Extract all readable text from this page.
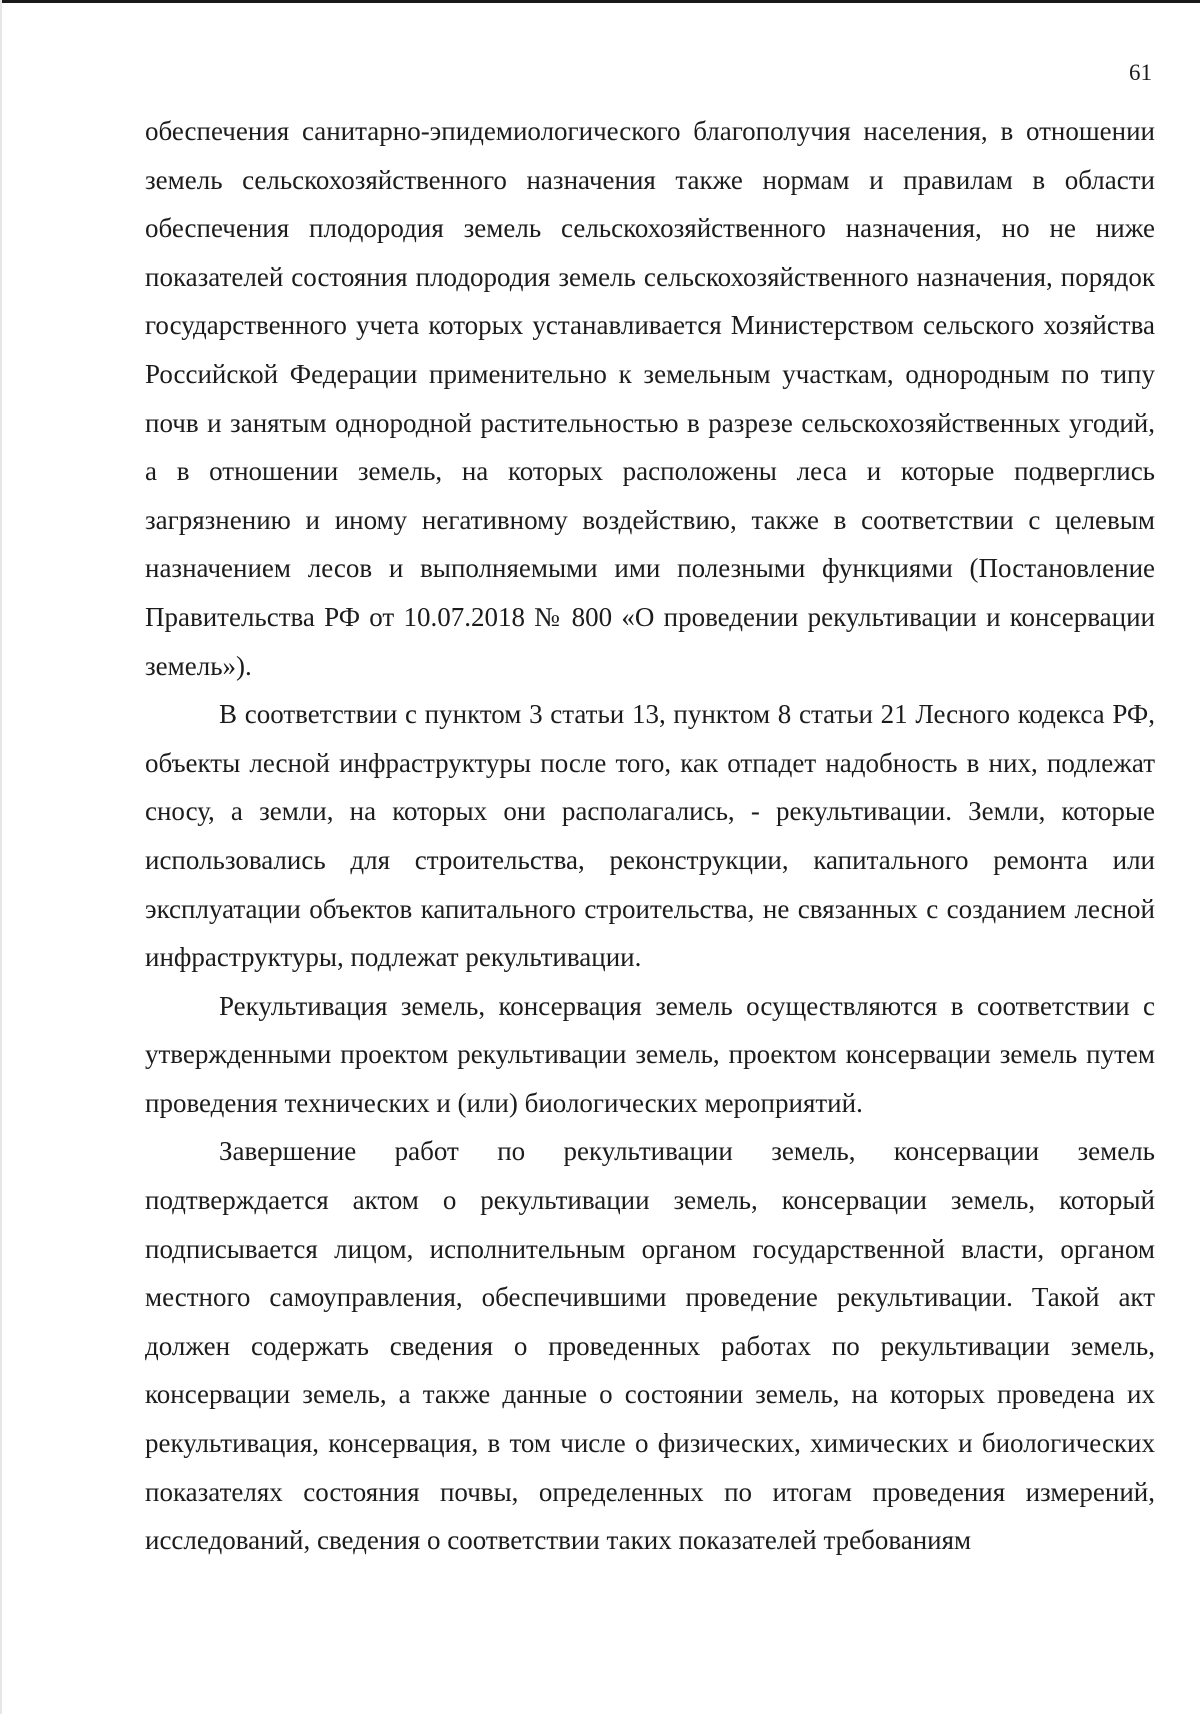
61

обеспечения санитарно-эпидемиологического благополучия населения, в отношении земель сельскохозяйственного назначения также нормам и правилам в области обеспечения плодородия земель сельскохозяйственного назначения, но не ниже показателей состояния плодородия земель сельскохозяйственного назначения, порядок государственного учета которых устанавливается Министерством сельского хозяйства Российской Федерации применительно к земельным участкам, однородным по типу почв и занятым однородной растительностью в разрезе сельскохозяйственных угодий, а в отношении земель, на которых расположены леса и которые подверглись загрязнению и иному негативному воздействию, также в соответствии с целевым назначением лесов и выполняемыми ими полезными функциями (Постановление Правительства РФ от 10.07.2018 № 800 «О проведении рекультивации и консервации земель»).

В соответствии с пунктом 3 статьи 13, пунктом 8 статьи 21 Лесного кодекса РФ, объекты лесной инфраструктуры после того, как отпадет надобность в них, подлежат сносу, а земли, на которых они располагались, - рекультивации. Земли, которые использовались для строительства, реконструкции, капитального ремонта или эксплуатации объектов капитального строительства, не связанных с созданием лесной инфраструктуры, подлежат рекультивации.

Рекультивация земель, консервация земель осуществляются в соответствии с утвержденными проектом рекультивации земель, проектом консервации земель путем проведения технических и (или) биологических мероприятий.

Завершение работ по рекультивации земель, консервации земель подтверждается актом о рекультивации земель, консервации земель, который подписывается лицом, исполнительным органом государственной власти, органом местного самоуправления, обеспечившими проведение рекультивации. Такой акт должен содержать сведения о проведенных работах по рекультивации земель, консервации земель, а также данные о состоянии земель, на которых проведена их рекультивация, консервация, в том числе о физических, химических и биологических показателях состояния почвы, определенных по итогам проведения измерений, исследований, сведения о соответствии таких показателей требованиям
